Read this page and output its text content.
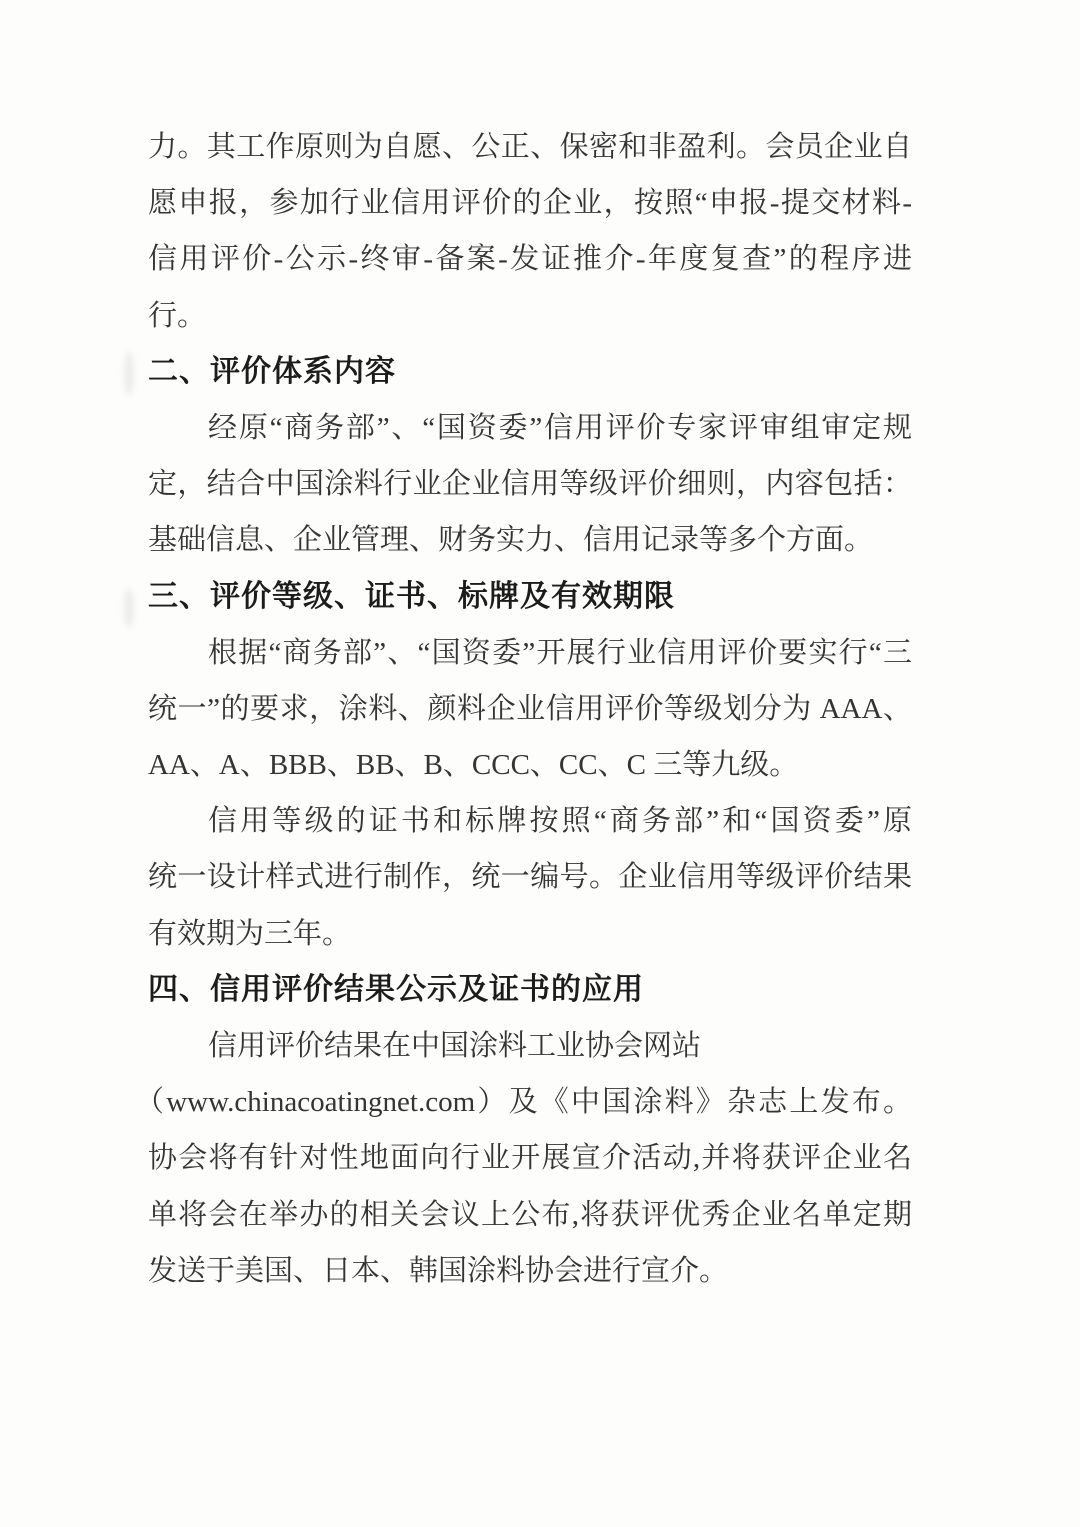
力。其工作原则为自愿、公正、保密和非盈利。会员企业自
愿申报，参加行业信用评价的企业，按照“申报-提交材料-
信用评价-公示-终审-备案-发证推介-年度复查”的程序进
行。
二、评价体系内容
经原“商务部”、“国资委”信用评价专家评审组审定规
定，结合中国涂料行业企业信用等级评价细则，内容包括：
基础信息、企业管理、财务实力、信用记录等多个方面。
三、评价等级、证书、标牌及有效期限
根据“商务部”、“国资委”开展行业信用评价要实行“三
统一”的要求，涂料、颜料企业信用评价等级划分为 AAA、
AA、A、BBB、BB、B、CCC、CC、C 三等九级。
信用等级的证书和标牌按照“商务部”和“国资委”原
统一设计样式进行制作，统一编号。企业信用等级评价结果
有效期为三年。
四、信用评价结果公示及证书的应用
信用评价结果在中国涂料工业协会网站
（www.chinacoatingnet.com）及《中国涂料》杂志上发布。
协会将有针对性地面向行业开展宣介活动,并将获评企业名
单将会在举办的相关会议上公布,将获评优秀企业名单定期
发送于美国、日本、韩国涂料协会进行宣介。
